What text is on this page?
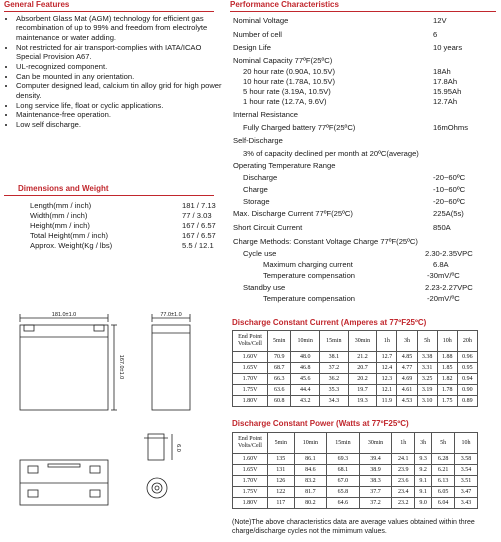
General Features
• Absorbent Glass Mat (AGM) technology for efficient gas recombination of up to 99% and freedom from electrolyte maintenance or water adding.
• Not restricted for air transport-complies with IATA/ICAO Special Provision A67.
• UL-recognized component.
• Can be mounted in any orientation.
• Computer designed lead, calcium tin alloy grid for high power density.
• Long service life, float or cyclic applications.
• Maintenance-free operation.
• Low self discharge.
Dimensions and Weight
Length(mm / inch)	181 / 7.13
Width(mm / inch)	77 / 3.03
Height(mm / inch)	167 / 6.57
Total Height(mm / inch)	167 / 6.57
Approx. Weight(Kg / lbs)	5.5 / 12.1
181.0±1.0	77.0±1.0
167.0±1.0
6.0
Performance Characteristics
Nominal Voltage	12V
Number of cell	6
Design Life	10 years
Nominal Capacity 77ºF(25ºC)
20 hour rate (0.90A, 10.5V)	18Ah
10 hour rate (1.78A, 10.5V)	17.8Ah
5 hour rate (3.19A, 10.5V)	15.95Ah
1 hour rate (12.7A, 9.6V)	12.7Ah
Internal Resistance
Fully Charged battery 77ºF(25ºC)	16mOhms
Self-Discharge
3% of capacity declined per month at 20ºC(average)
Operating Temperature Range
Discharge	-20~60ºC
Charge	-10~60ºC
Storage	-20~60ºC
Max. Discharge Current 77ºF(25ºC)	225A(5s)
Short Circuit Current	850A
Charge Methods: Constant Voltage Charge 77ºF(25ºC)
Cycle use	2.30-2.35VPC
Maximum charging current	6.8A
Temperature compensation	-30mV/ºC
Standby use	2.23-2.27VPC
Temperature compensation	-20mV/ºC
Discharge Constant Current (Amperes at 77ºF25ºC)
End Point
Volts/Cell	5min	10min	15min	30min	1h	3h	5h	10h	20h
1.60V	70.9	48.0	38.1	21.2	12.7	4.85	3.38	1.88	0.96
1.65V	68.7	46.8	37.2	20.7	12.4	4.77	3.31	1.85	0.95
1.70V	66.3	45.6	36.2	20.2	12.3	4.69	3.25	1.82	0.94
1.75V	63.6	44.4	35.3	19.7	12.1	4.61	3.19	1.78	0.90
1.80V	60.8	43.2	34.3	19.3	11.9	4.53	3.10	1.75	0.89
Discharge Constant Power (Watts at 77ºF25ºC)
End Point
Volts/Cell	5min	10min	15min	30min	1h	3h	5h	10h
1.60V	135	86.1	69.3	39.4	24.1	9.3	6.28	3.58
1.65V	131	84.6	68.1	38.9	23.9	9.2	6.21	3.54
1.70V	126	83.2	67.0	38.3	23.6	9.1	6.13	3.51
1.75V	122	81.7	65.8	37.7	23.4	9.1	6.05	3.47
1.80V	117	80.2	64.6	37.2	23.2	9.0	6.04	3.43
(Note)The above characteristics data are average values obtained within three charge/discharge cycles not the mimimum values.
